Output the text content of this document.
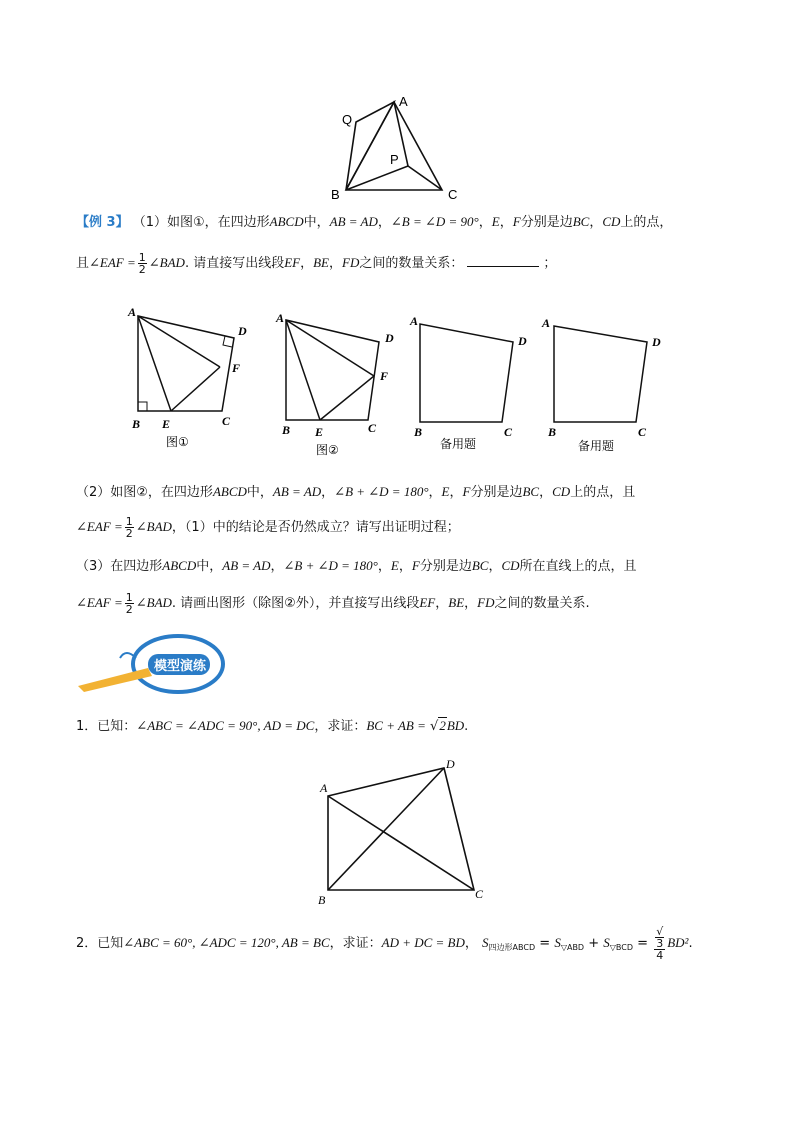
A
Q
P
B	C
【例 3】 （1）如图①，在四边形ABCD中，AB = AD，∠B = ∠D = 90°，E，F分别是边BC，CD上的点，
且∠EAF = $\frac{1}{2}$ ∠BAD. 请直接写出线段EF，BE，FD之间的数量关系：	；
A
D
F
B E	C
图①
A
D
F
B E	C
图②
A
D
B	C
备用题
A
D
B	C
备用题
（2）如图②，在四边形ABCD中，AB = AD，∠B + ∠D = 180°，E，F分别是边BC，CD上的点，且
∠EAF = $\frac{1}{2}$ ∠BAD，（1）中的结论是否仍然成立？请写出证明过程；
（3）在四边形ABCD中，AB = AD，∠B + ∠D = 180°，E，F分别是边BC，CD所在直线上的点，且
∠EAF = $\frac{1}{2}$ ∠BAD. 请画出图形（除图②外），并直接写出线段EF，BE，FD之间的数量关系.
模型演练
1．已知：∠ABC = ∠ADC = 90°, AD = DC，求证：BC + AB = √2BD.
A
D
B	C
2．已知∠ABC = 60°, ∠ADC = 120°, AB = BC，求证：AD + DC = BD， $S_{四边形ABCD} = S_{▽ABD} + S_{▽BCD}$ = √
3
4 BD².
